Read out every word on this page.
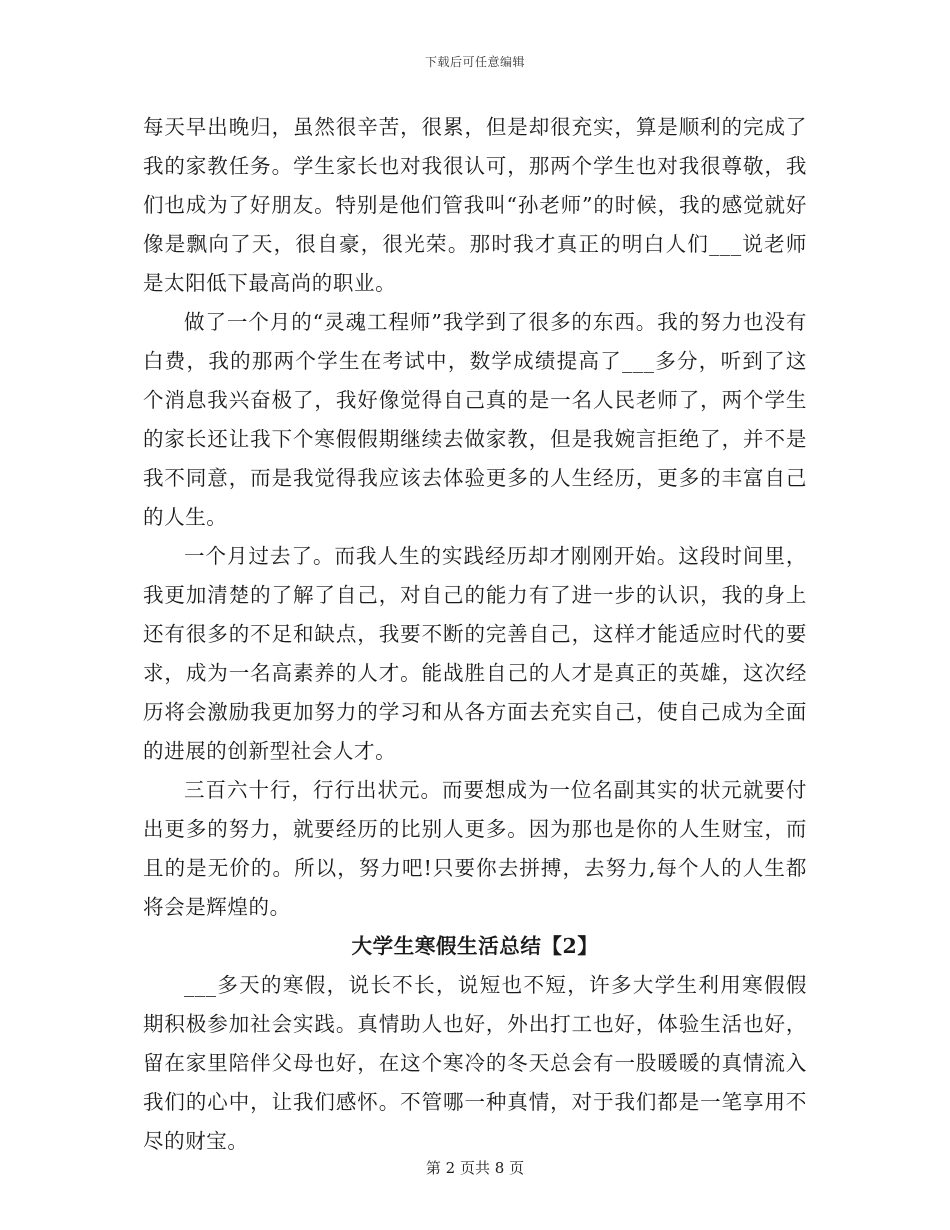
下载后可任意编辑

每天早出晚归，虽然很辛苦，很累，但是却很充实，算是顺利的完成了我的家教任务。学生家长也对我很认可，那两个学生也对我很尊敬，我们也成为了好朋友。特别是他们管我叫“孙老师”的时候，我的感觉就好像是飘向了天，很自豪，很光荣。那时我才真正的明白人们___说老师是太阳低下最高尚的职业。

做了一个月的“灵魂工程师”我学到了很多的东西。我的努力也没有白费，我的那两个学生在考试中，数学成绩提高了___多分，听到了这个消息我兴奋极了，我好像觉得自己真的是一名人民老师了，两个学生的家长还让我下个寒假假期继续去做家教，但是我婉言拒绝了，并不是我不同意，而是我觉得我应该去体验更多的人生经历，更多的丰富自己的人生。

一个月过去了。而我人生的实践经历却才刚刚开始。这段时间里，我更加清楚的了解了自己，对自己的能力有了进一步的认识，我的身上还有很多的不足和缺点，我要不断的完善自己，这样才能适应时代的要求，成为一名高素养的人才。能战胜自己的人才是真正的英雄，这次经历将会激励我更加努力的学习和从各方面去充实自己，使自己成为全面的进展的创新型社会人才。

三百六十行，行行出状元。而要想成为一位名副其实的状元就要付出更多的努力，就要经历的比别人更多。因为那也是你的人生财宝，而且的是无价的。所以，努力吧!只要你去拼搏，去努力,每个人的人生都将会是辉煌的。

大学生寒假生活总结【2】

___多天的寒假，说长不长，说短也不短，许多大学生利用寒假假期积极参加社会实践。真情助人也好，外出打工也好，体验生活也好，留在家里陪伴父母也好，在这个寒冷的冬天总会有一股暖暖的真情流入我们的心中，让我们感怀。不管哪一种真情，对于我们都是一笔享用不尽的财宝。

第 2 页共 8 页
